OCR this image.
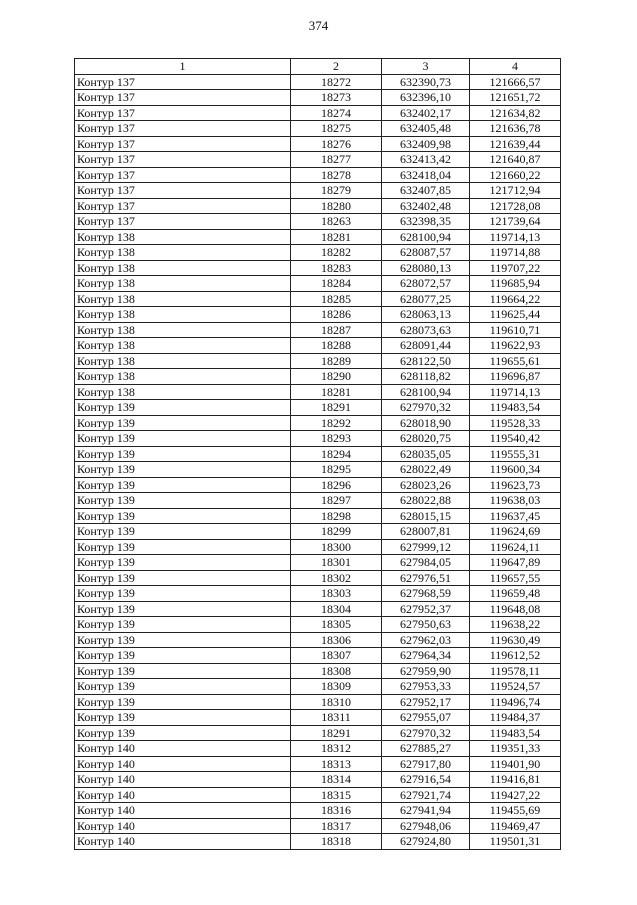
374
1	2	3	4
Контур 137	18272	632390,73	121666,57
Контур 137	18273	632396,10	121651,72
Контур 137	18274	632402,17	121634,82
Контур 137	18275	632405,48	121636,78
Контур 137	18276	632409,98	121639,44
Контур 137	18277	632413,42	121640,87
Контур 137	18278	632418,04	121660,22
Контур 137	18279	632407,85	121712,94
Контур 137	18280	632402,48	121728,08
Контур 137	18263	632398,35	121739,64
Контур 138	18281	628100,94	119714,13
Контур 138	18282	628087,57	119714,88
Контур 138	18283	628080,13	119707,22
Контур 138	18284	628072,57	119685,94
Контур 138	18285	628077,25	119664,22
Контур 138	18286	628063,13	119625,44
Контур 138	18287	628073,63	119610,71
Контур 138	18288	628091,44	119622,93
Контур 138	18289	628122,50	119655,61
Контур 138	18290	628118,82	119696,87
Контур 138	18281	628100,94	119714,13
Контур 139	18291	627970,32	119483,54
Контур 139	18292	628018,90	119528,33
Контур 139	18293	628020,75	119540,42
Контур 139	18294	628035,05	119555,31
Контур 139	18295	628022,49	119600,34
Контур 139	18296	628023,26	119623,73
Контур 139	18297	628022,88	119638,03
Контур 139	18298	628015,15	119637,45
Контур 139	18299	628007,81	119624,69
Контур 139	18300	627999,12	119624,11
Контур 139	18301	627984,05	119647,89
Контур 139	18302	627976,51	119657,55
Контур 139	18303	627968,59	119659,48
Контур 139	18304	627952,37	119648,08
Контур 139	18305	627950,63	119638,22
Контур 139	18306	627962,03	119630,49
Контур 139	18307	627964,34	119612,52
Контур 139	18308	627959,90	119578,11
Контур 139	18309	627953,33	119524,57
Контур 139	18310	627952,17	119496,74
Контур 139	18311	627955,07	119484,37
Контур 139	18291	627970,32	119483,54
Контур 140	18312	627885,27	119351,33
Контур 140	18313	627917,80	119401,90
Контур 140	18314	627916,54	119416,81
Контур 140	18315	627921,74	119427,22
Контур 140	18316	627941,94	119455,69
Контур 140	18317	627948,06	119469,47
Контур 140	18318	627924,80	119501,31
